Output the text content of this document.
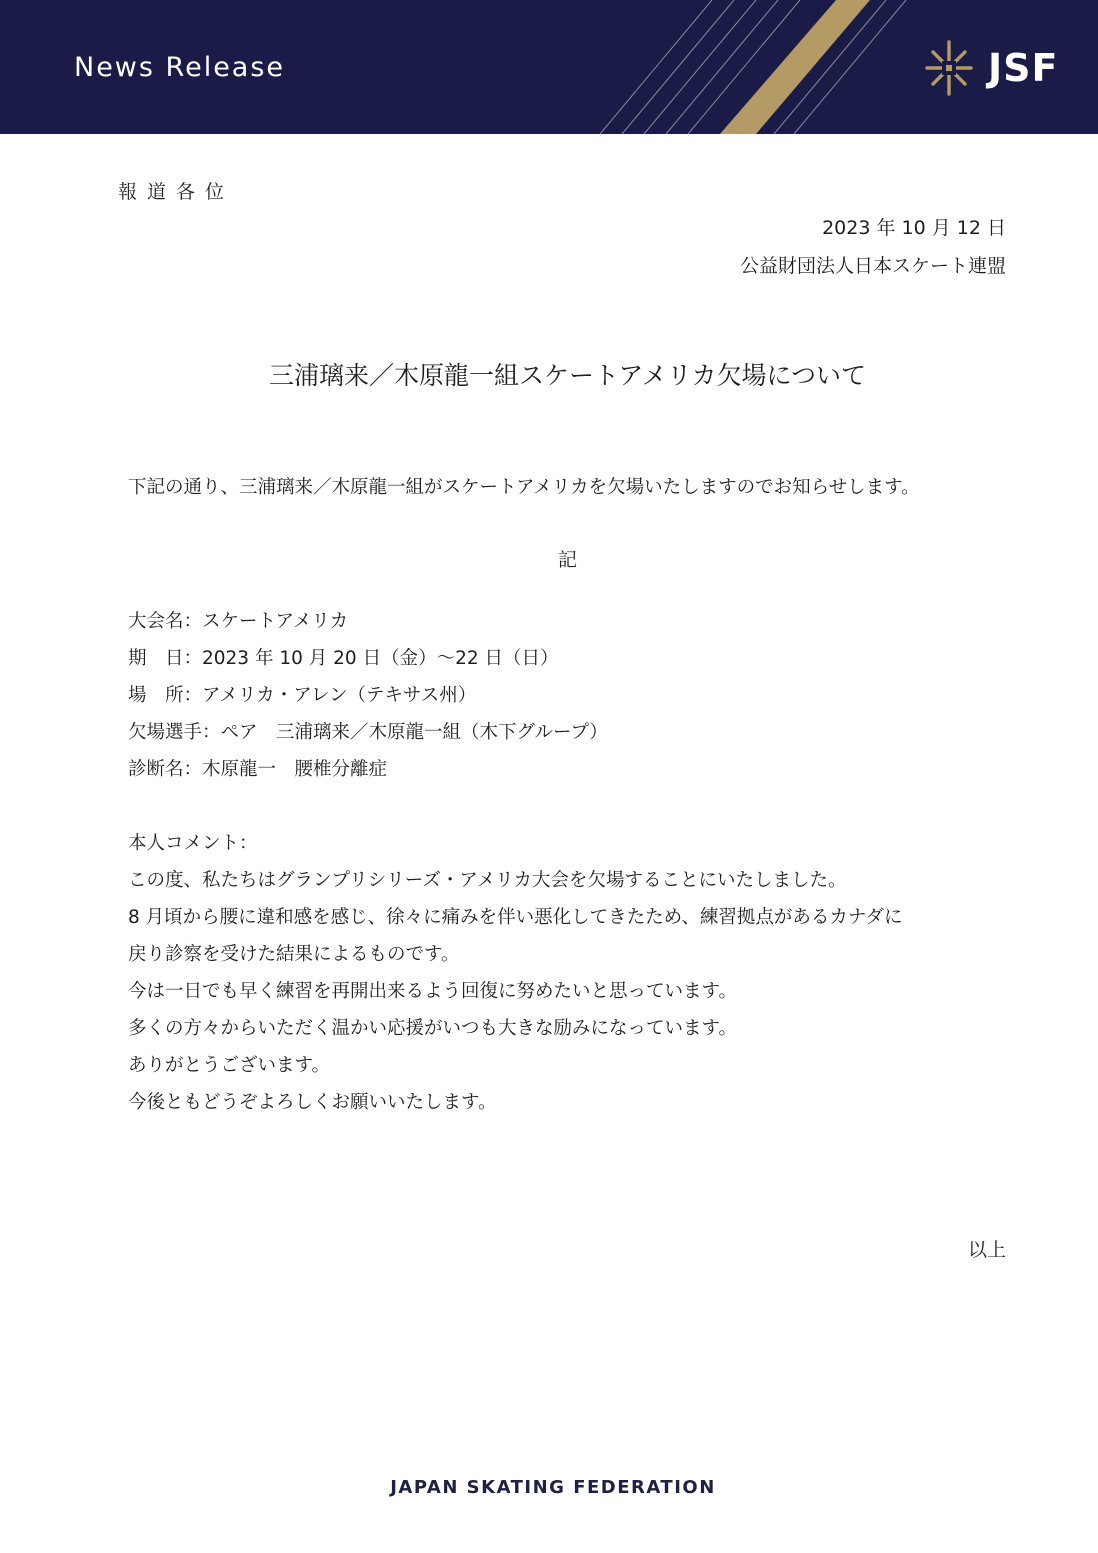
News Release	JSF
報道各位
2023 年 10 月 12 日
公益財団法人日本スケート連盟
三浦璃来／木原龍一組スケートアメリカ欠場について
下記の通り、三浦璃来／木原龍一組がスケートアメリカを欠場いたしますのでお知らせします。
記
大会名：スケートアメリカ
期　日：2023 年 10 月 20 日（金）～22 日（日）
場　所：アメリカ・アレン（テキサス州）
欠場選手：ペア　三浦璃来／木原龍一組（木下グループ）
診断名：木原龍一　腰椎分離症
本人コメント：
この度、私たちはグランプリシリーズ・アメリカ大会を欠場することにいたしました。
8 月頃から腰に違和感を感じ、徐々に痛みを伴い悪化してきたため、練習拠点があるカナダに
戻り診察を受けた結果によるものです。
今は一日でも早く練習を再開出来るよう回復に努めたいと思っています。
多くの方々からいただく温かい応援がいつも大きな励みになっています。
ありがとうございます。
今後ともどうぞよろしくお願いいたします。
以上
JAPAN SKATING FEDERATION
